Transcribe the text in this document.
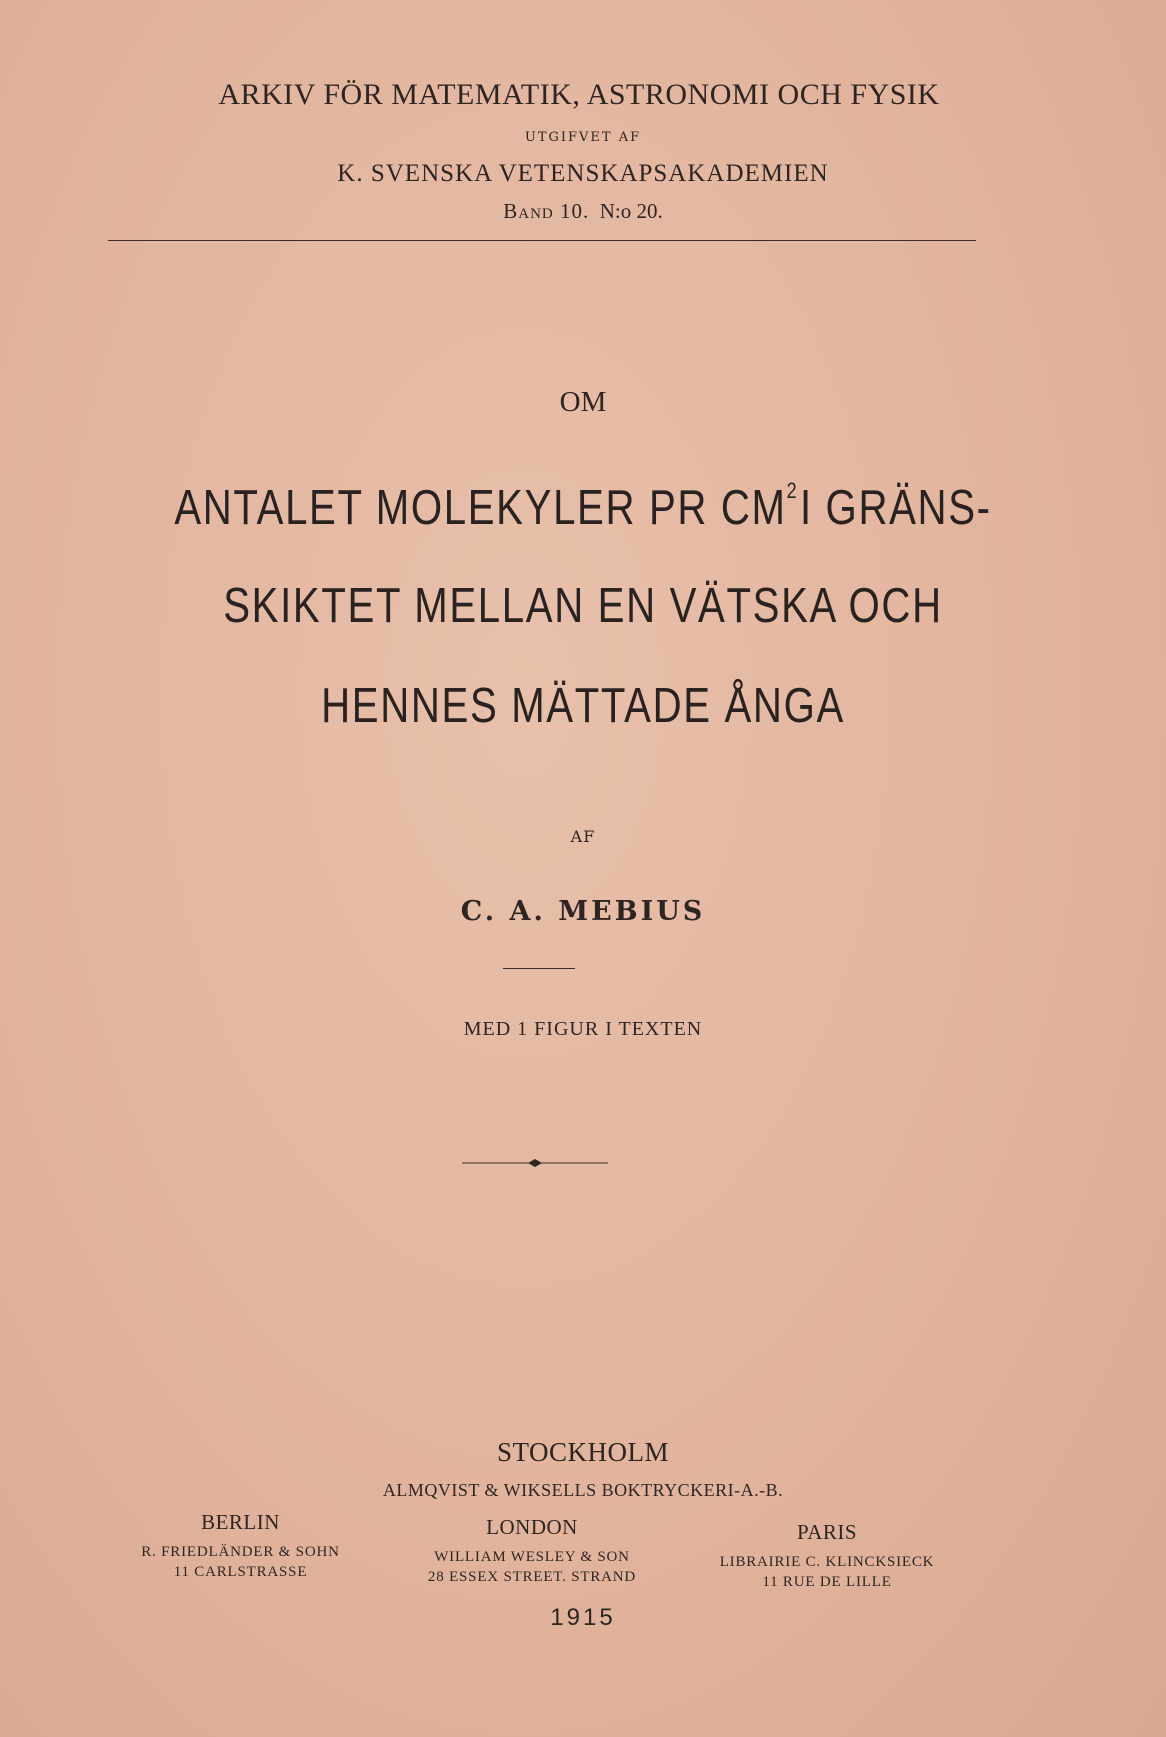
ARKIV FÖR MATEMATIK, ASTRONOMI OCH FYSIK
UTGIFVET AF
K. SVENSKA VETENSKAPSAKADEMIEN
Band 10. N:o 20.
OM
ANTALET MOLEKYLER PR $CM^2I$ GRÄNS-
SKIKTET MELLAN EN VÄTSKA OCH
HENNES MÄTTADE ÅNGA
AF
C. A. MEBIUS
MED 1 FIGUR I TEXTEN
STOCKHOLM
ALMQVIST & WIKSELLS BOKTRYCKERI-A.-B.
BERLIN
R. FRIEDLÄNDER & SOHN
11 CARLSTRASSE
LONDON
WILLIAM WESLEY & SON
28 ESSEX STREET. STRAND
PARIS
LIBRAIRIE C. KLINCKSIECK
11 RUE DE LILLE
1915
